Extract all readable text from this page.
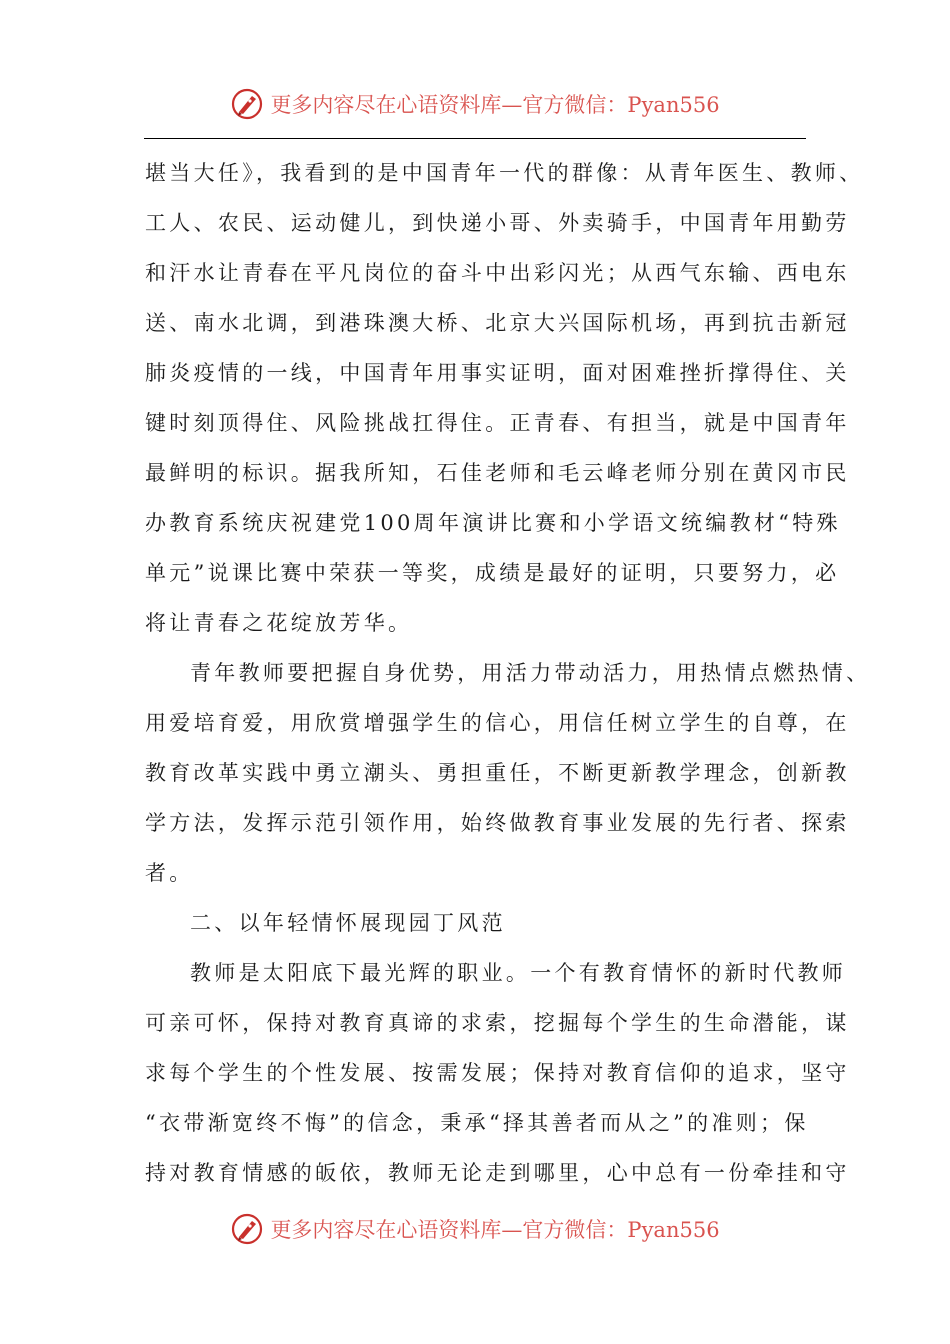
更多内容尽在心语资料库—官方微信：Pyan556
堪当大任》，我看到的是中国青年一代的群像：从青年医生、教师、
工人、农民、运动健儿，到快递小哥、外卖骑手，中国青年用勤劳
和汗水让青春在平凡岗位的奋斗中出彩闪光；从西气东输、西电东
送、南水北调，到港珠澳大桥、北京大兴国际机场，再到抗击新冠
肺炎疫情的一线，中国青年用事实证明，面对困难挫折撑得住、关
键时刻顶得住、风险挑战扛得住。正青春、有担当，就是中国青年
最鲜明的标识。据我所知，石佳老师和毛云峰老师分别在黄冈市民
办教育系统庆祝建党100周年演讲比赛和小学语文统编教材“特殊
单元”说课比赛中荣获一等奖，成绩是最好的证明，只要努力，必
将让青春之花绽放芳华。
青年教师要把握自身优势，用活力带动活力，用热情点燃热情、
用爱培育爱，用欣赏增强学生的信心，用信任树立学生的自尊，在
教育改革实践中勇立潮头、勇担重任，不断更新教学理念，创新教
学方法，发挥示范引领作用，始终做教育事业发展的先行者、探索
者。
二、以年轻情怀展现园丁风范
教师是太阳底下最光辉的职业。一个有教育情怀的新时代教师
可亲可怀，保持对教育真谛的求索，挖掘每个学生的生命潜能，谋
求每个学生的个性发展、按需发展；保持对教育信仰的追求，坚守
“衣带渐宽终不悔”的信念，秉承“择其善者而从之”的准则；保
持对教育情感的皈依，教师无论走到哪里，心中总有一份牵挂和守
更多内容尽在心语资料库—官方微信：Pyan556
